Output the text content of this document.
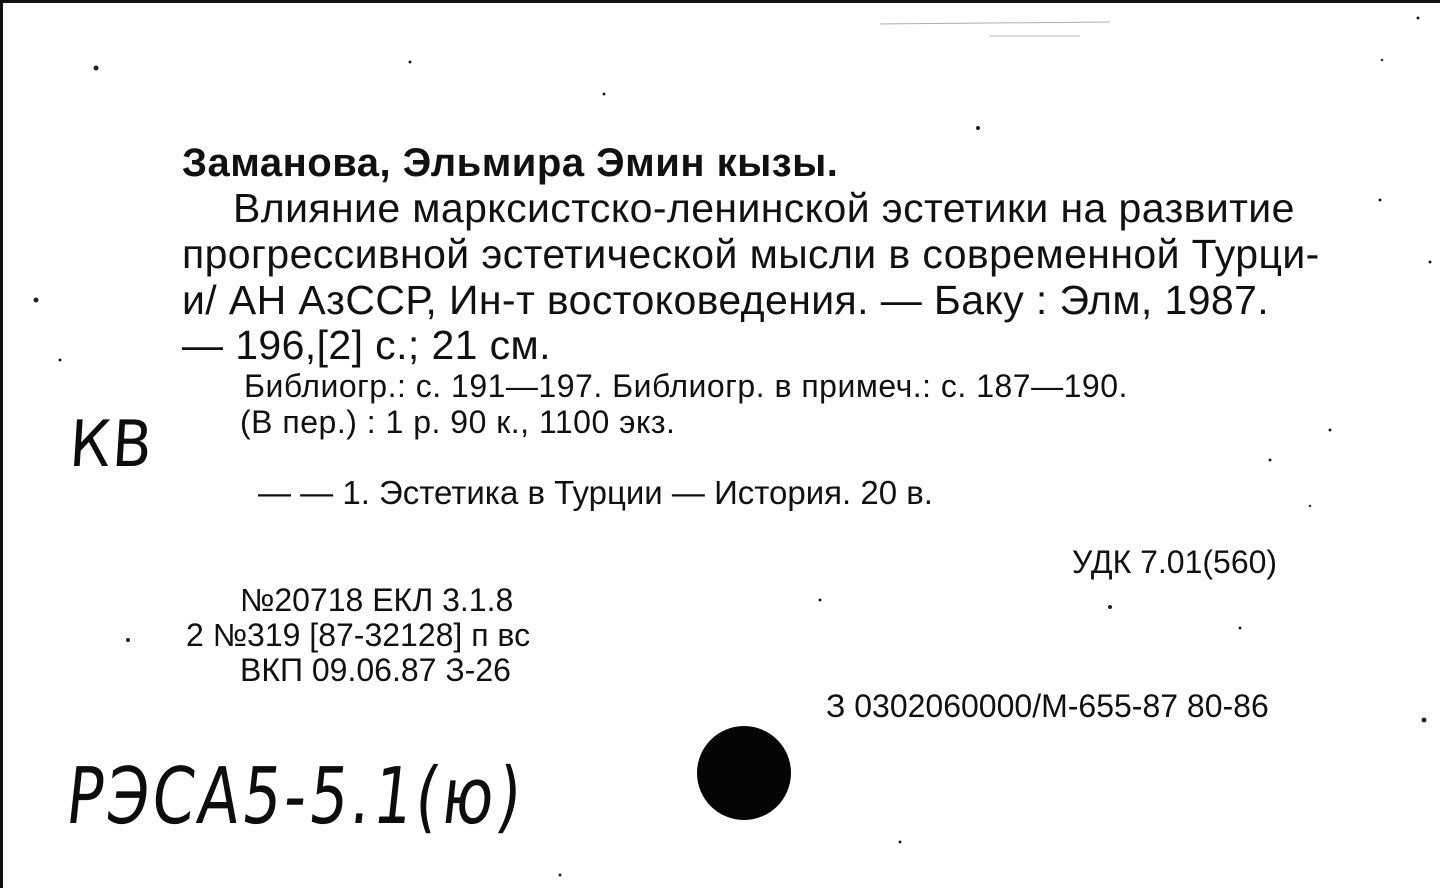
Заманова, Эльмира Эмин кызы.

Влияние марксистско-ленинской эстетики на развитие

прогрессивной эстетической мысли в современной Турци-

и/ АН АзССР, Ин-т востоковедения. — Баку : Элм, 1987.

— 196,[2] с.; 21 см.

Библиогр.: с. 191—197. Библиогр. в примеч.: с. 187—190.

(В пер.) : 1 р. 90 к., 1100 экз.

— — 1. Эстетика в Турции — История. 20 в.

УДК 7.01(560)

№20718 ЕКЛ 3.1.8

2 №319 [87-32128] п вс

ВКП 09.06.87 З-26

З 0302060000/М-655-87 80-86

КВ
РЭСА5-5.1(ю)
